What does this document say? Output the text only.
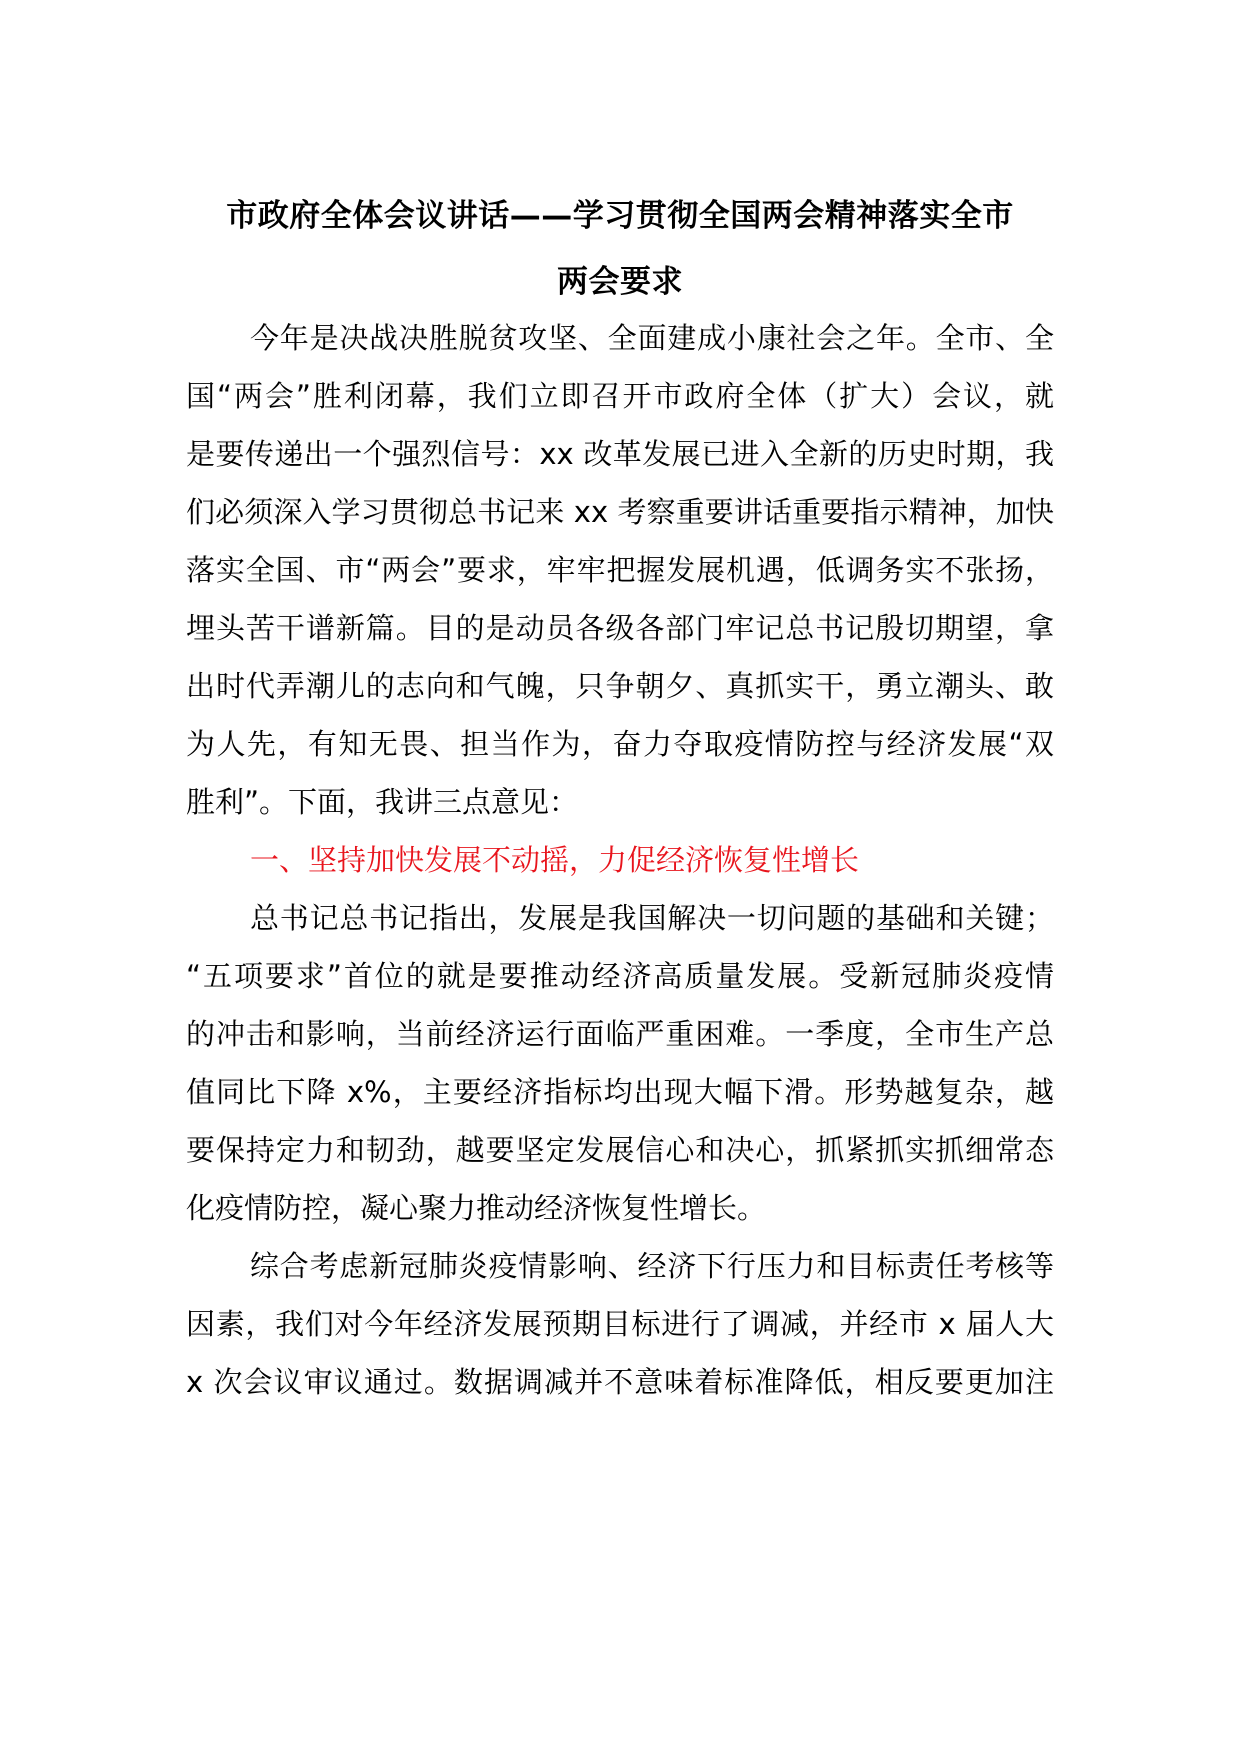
市政府全体会议讲话——学习贯彻全国两会精神落实全市
两会要求

今年是决战决胜脱贫攻坚、全面建成小康社会之年。全市、全

国“两会”胜利闭幕，我们立即召开市政府全体（扩大）会议，就

是要传递出一个强烈信号：xx 改革发展已进入全新的历史时期，我

们必须深入学习贯彻总书记来 xx 考察重要讲话重要指示精神，加快

落实全国、市“两会”要求，牢牢把握发展机遇，低调务实不张扬，

埋头苦干谱新篇。目的是动员各级各部门牢记总书记殷切期望，拿

出时代弄潮儿的志向和气魄，只争朝夕、真抓实干，勇立潮头、敢

为人先，有知无畏、担当作为，奋力夺取疫情防控与经济发展“双

胜利”。下面，我讲三点意见：

一、坚持加快发展不动摇，力促经济恢复性增长

总书记总书记指出，发展是我国解决一切问题的基础和关键；

“五项要求”首位的就是要推动经济高质量发展。受新冠肺炎疫情

的冲击和影响，当前经济运行面临严重困难。一季度，全市生产总

值同比下降 x%，主要经济指标均出现大幅下滑。形势越复杂，越

要保持定力和韧劲，越要坚定发展信心和决心，抓紧抓实抓细常态

化疫情防控，凝心聚力推动经济恢复性增长。

综合考虑新冠肺炎疫情影响、经济下行压力和目标责任考核等

因素，我们对今年经济发展预期目标进行了调减，并经市 x 届人大

x 次会议审议通过。数据调减并不意味着标准降低，相反要更加注
